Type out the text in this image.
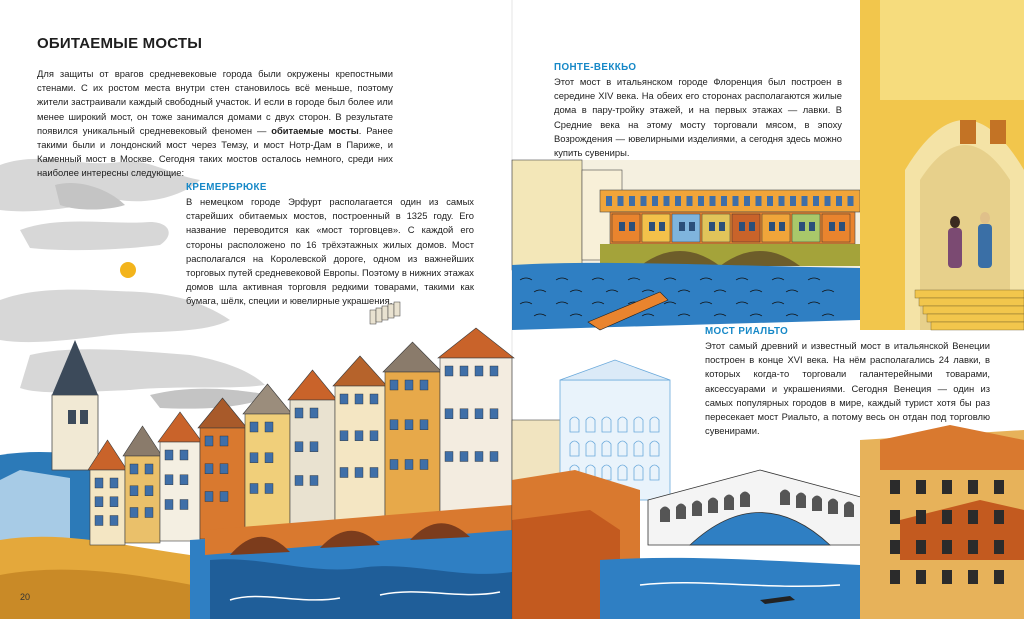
ОБИТАЕМЫЕ МОСТЫ

Для защиты от врагов средневековые города были окружены крепостными стенами. С их ростом места внутри стен становилось всё меньше, поэтому жители застраивали каждый свободный участок. И если в городе был более или менее широкий мост, он тоже занимался домами с двух сторон. В результате появился уникальный средневековый феномен — обитаемые мосты. Ранее такими были и лондонский мост через Темзу, и мост Нотр-Дам в Париже, и Каменный мост в Москве. Сегодня таких мостов осталось немного, среди них наиболее интересны следующие:

КРЕМЕРБРЮКЕ

В немецком городе Эрфурт располагается один из самых старейших обитаемых мостов, построенный в 1325 году. Его название переводится как «мост торговцев». С каждой его стороны расположено по 16 трёхэтажных жилых домов. Мост располагался на Королевской дороге, одном из важнейших торговых путей средневековой Европы. Поэтому в нижних этажах домов шла активная торговля редкими товарами, такими как бумага, шёлк, специи и ювелирные украшения.

ПОНТЕ-ВЕККЬО

Этот мост в итальянском городе Флоренция был построен в середине XIV века. На обеих его сторонах располагаются жилые дома в пару-тройку этажей, и на первых этажах — лавки. В Средние века на этому мосту торговали мясом, в эпоху Возрождения — ювелирными изделиями, а сегодня здесь можно купить сувениры.

МОСТ РИАЛЬТО

Этот самый древний и известный мост в итальянской Венеции построен в конце XVI века. На нём располагались 24 лавки, в которых когда-то торговали галантерейными товарами, аксессуарами и украшениями. Сегодня Венеция — один из самых популярных городов в мире, каждый турист хотя бы раз пересекает мост Риальто, а потому весь он отдан под торговлю сувенирами.

20
